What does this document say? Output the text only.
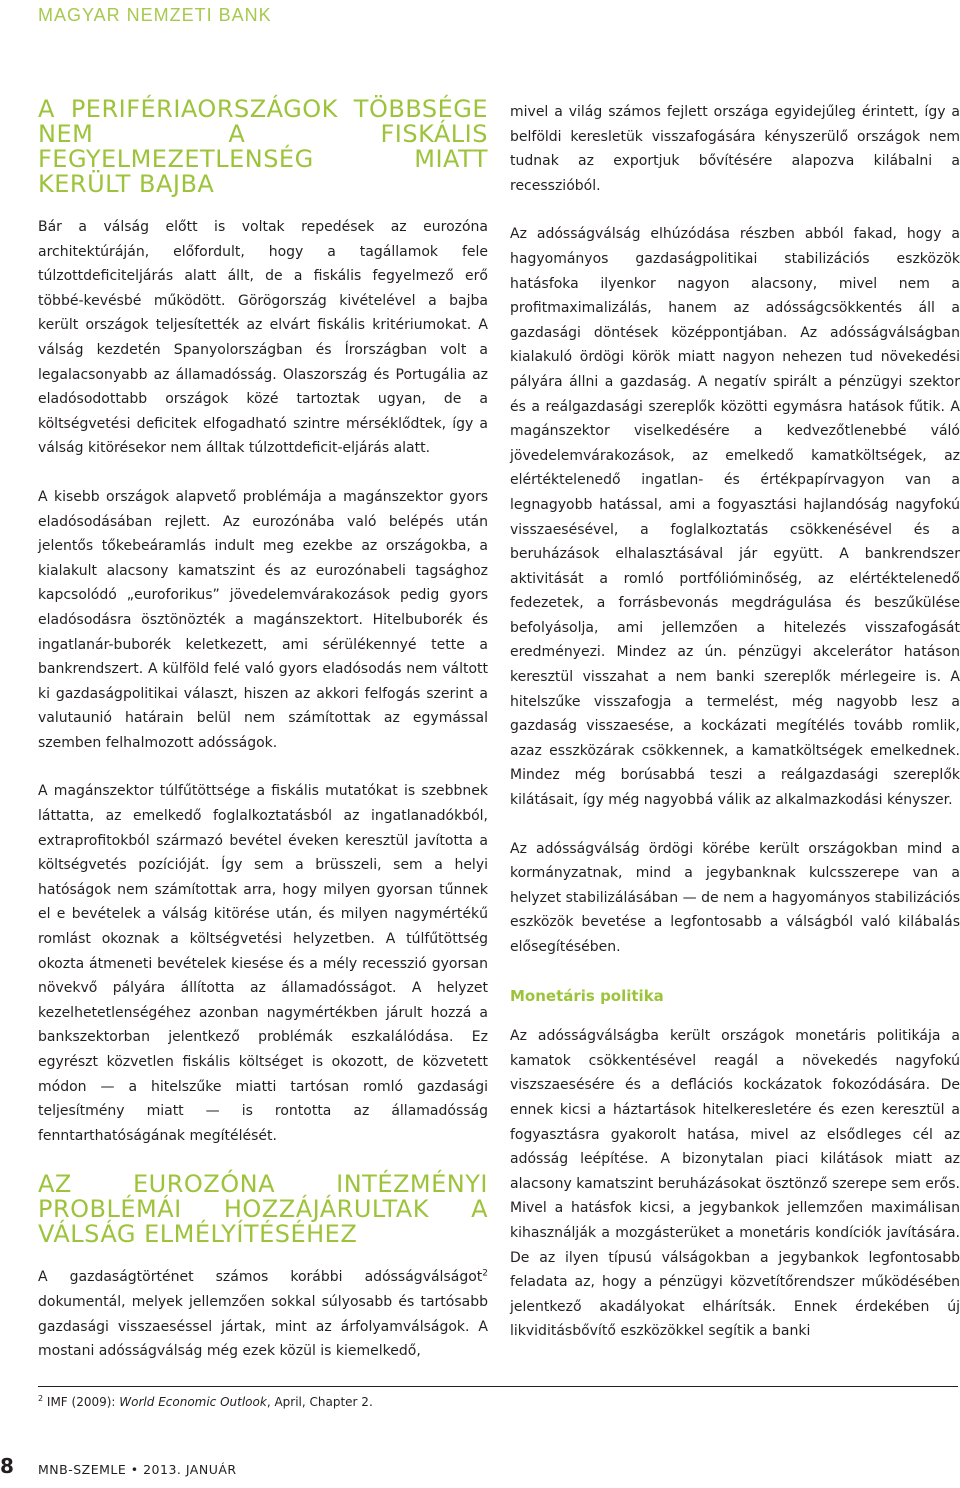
MAGYAR NEMZETI BANK
A PERIFÉRIAORSZÁGOK TÖBBSÉGE NEM A FISKÁLIS FEGYELMEZETLENSÉG MIATT KERÜLT BAJBA

Bár a válság előtt is voltak repedések az eurozóna architektúráján, előfordult, hogy a tagállamok fele túlzottdeficiteljárás alatt állt, de a fiskális fegyelmező erő többé-kevésbé működött. Görögország kivételével a bajba került országok teljesítették az elvárt fiskális kritériumokat. A válság kezdetén Spanyolországban és Írországban volt a legalacsonyabb az államadósság. Olaszország és Portugália az eladósodottabb országok közé tartoztak ugyan, de a költségvetési deficitek elfogadható szintre mérséklődtek, így a válság kitörésekor nem álltak túlzottdeficit-eljárás alatt.

A kisebb országok alapvető problémája a magánszektor gyors eladósodásában rejlett. Az eurozónába való belépés után jelentős tőkebeáramlás indult meg ezekbe az országokba, a kialakult alacsony kamatszint és az eurozónabeli tagsághoz kapcsolódó „euroforikus” jövedelemvárakozások pedig gyors eladósodásra ösztönözték a magánszektort. Hitelbuborék és ingatlanár-buborék keletkezett, ami sérülékennyé tette a bankrendszert. A külföld felé való gyors eladósodás nem váltott ki gazdaságpolitikai választ, hiszen az akkori felfogás szerint a valutaunió határain belül nem számítottak az egymással szemben felhalmozott adósságok.

A magánszektor túlfűtöttsége a fiskális mutatókat is szebbnek láttatta, az emelkedő foglalkoztatásból az ingatlanadókból, extraprofitokból származó bevétel éveken keresztül javította a költségvetés pozícióját. Így sem a brüsszeli, sem a helyi hatóságok nem számítottak arra, hogy milyen gyorsan tűnnek el e bevételek a válság kitörése után, és milyen nagymértékű romlást okoznak a költségvetési helyzetben. A túlfűtöttség okozta átmeneti bevételek kiesése és a mély recesszió gyorsan növekvő pályára állította az államadósságot. A helyzet kezelhetetlenségéhez azonban nagymértékben járult hozzá a bankszektorban jelentkező problémák eszkalálódása. Ez egyrészt közvetlen fiskális költséget is okozott, de közvetett módon — a hitelszűke miatti tartósan romló gazdasági teljesítmény miatt — is rontotta az államadósság fenntarthatóságának megítélését.

AZ EUROZÓNA INTÉZMÉNYI PROBLÉMÁI HOZZÁJÁRULTAK A VÁLSÁG ELMÉLYÍTÉSÉHEZ

A gazdaságtörténet számos korábbi adósságválságot$^2$ dokumentál, melyek jellemzően sokkal súlyosabb és tartósabb gazdasági visszaeséssel jártak, mint az árfolyamválságok. A mostani adósságválság még ezek közül is kiemelkedő,

mivel a világ számos fejlett országa egyidejűleg érintett, így a belföldi keresletük visszafogására kényszerülő országok nem tudnak az exportjuk bővítésére alapozva kilábalni a recesszióból.

Az adósságválság elhúzódása részben abból fakad, hogy a hagyományos gazdaságpolitikai stabilizációs eszközök hatásfoka ilyenkor nagyon alacsony, mivel nem a profitmaximalizálás, hanem az adósságcsökkentés áll a gazdasági döntések középpontjában. Az adósságválságban kialakuló ördögi körök miatt nagyon nehezen tud növekedési pályára állni a gazdaság. A negatív spirált a pénzügyi szektor és a reálgazdasági szereplők közötti egymásra hatások fűtik. A magánszektor viselkedésére a kedvezőtlenebbé váló jövedelemvárakozások, az emelkedő kamatköltségek, az elértéktelenedő ingatlan- és értékpapírvagyon van a legnagyobb hatással, ami a fogyasztási hajlandóság nagyfokú visszaesésével, a foglalkoztatás csökkenésével és a beruházások elhalasztásával jár együtt. A bankrendszer aktivitását a romló portfólióminőség, az elértéktelenedő fedezetek, a forrásbevonás megdrágulása és beszűkülése befolyásolja, ami jellemzően a hitelezés visszafogását eredményezi. Mindez az ún. pénzügyi akcelerátor hatáson keresztül visszahat a nem banki szereplők mérlegeire is. A hitelszűke visszafogja a termelést, még nagyobb lesz a gazdaság visszaesése, a kockázati megítélés tovább romlik, azaz esszközárak csökkennek, a kamatköltségek emelkednek. Mindez még borúsabbá teszi a reálgazdasági szereplők kilátásait, így még nagyobbá válik az alkalmazkodási kényszer.

Az adósságválság ördögi körébe került országokban mind a kormányzatnak, mind a jegybanknak kulcsszerepe van a helyzet stabilizálásában — de nem a hagyományos stabilizációs eszközök bevetése a legfontosabb a válságból való kilábalás elősegítésében.

Monetáris politika

Az adósságválságba került országok monetáris politikája a kamatok csökkentésével reagál a növekedés nagyfokú viszszaesésére és a deflációs kockázatok fokozódására. De ennek kicsi a háztartások hitelkeresletére és ezen keresztül a fogyasztásra gyakorolt hatása, mivel az elsődleges cél az adósság leépítése. A bizonytalan piaci kilátások miatt az alacsony kamatszint beruházásokat ösztönző szerepe sem erős. Mivel a hatásfok kicsi, a jegybankok jellemzően maximálisan kihasználják a mozgásterüket a monetáris kondíciók javítására. De az ilyen típusú válságokban a jegybankok legfontosabb feladata az, hogy a pénzügyi közvetítőrendszer működésében jelentkező akadályokat elhárítsák. Ennek érdekében új likviditásbővítő eszközökkel segítik a banki

$^2$ IMF (2009): World Economic Outlook, April, Chapter 2.
8 MNB-SZEMLE • 2013. JANUÁR
